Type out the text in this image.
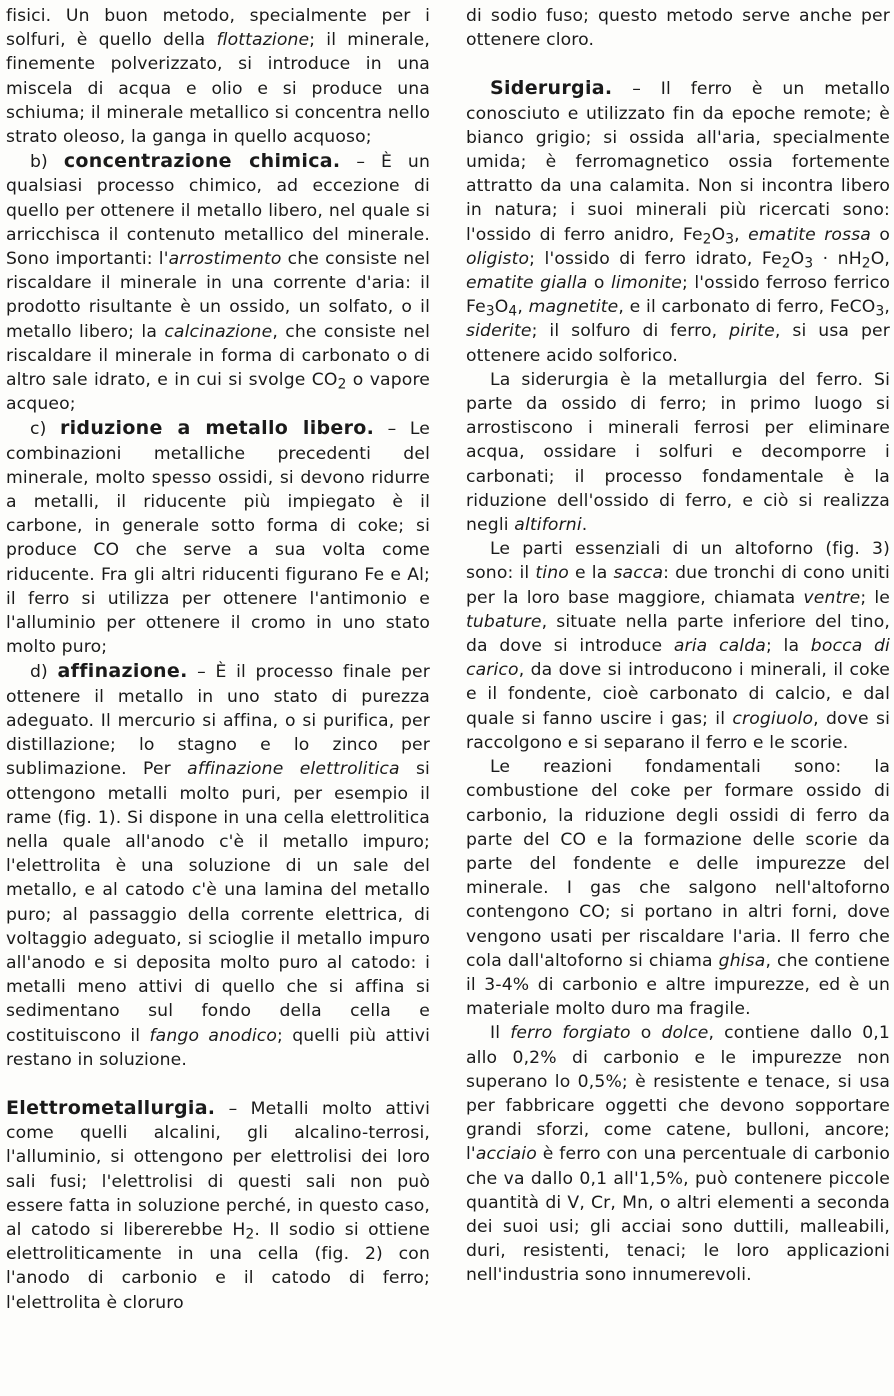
fisici. Un buon metodo, specialmente per i solfuri, è quello della flottazione; il minerale, finemente polverizzato, si introduce in una miscela di acqua e olio e si produce una schiuma; il minerale metallico si concentra nello strato oleoso, la ganga in quello acquoso;

b) concentrazione chimica. – È un qualsiasi processo chimico, ad eccezione di quello per ottenere il metallo libero, nel quale si arricchisca il contenuto metallico del minerale. Sono importanti: l'arrostimento che consiste nel riscaldare il minerale in una corrente d'aria: il prodotto risultante è un ossido, un solfato, o il metallo libero; la calcinazione, che consiste nel riscaldare il minerale in forma di carbonato o di altro sale idrato, e in cui si svolge $CO_2$ o vapore acqueo;

c) riduzione a metallo libero. – Le combinazioni metalliche precedenti del minerale, molto spesso ossidi, si devono ridurre a metalli, il riducente più impiegato è il carbone, in generale sotto forma di coke; si produce CO che serve a sua volta come riducente. Fra gli altri riducenti figurano Fe e Al; il ferro si utilizza per ottenere l'antimonio e l'alluminio per ottenere il cromo in uno stato molto puro;

d) affinazione. – È il processo finale per ottenere il metallo in uno stato di purezza adeguato. Il mercurio si affina, o si purifica, per distillazione; lo stagno e lo zinco per sublimazione. Per affinazione elettrolitica si ottengono metalli molto puri, per esempio il rame (fig. 1). Si dispone in una cella elettrolitica nella quale all'anodo c'è il metallo impuro; l'elettrolita è una soluzione di un sale del metallo, e al catodo c'è una lamina del metallo puro; al passaggio della corrente elettrica, di voltaggio adeguato, si scioglie il metallo impuro all'anodo e si deposita molto puro al catodo: i metalli meno attivi di quello che si affina si sedimentano sul fondo della cella e costituiscono il fango anodico; quelli più attivi restano in soluzione.

Elettrometallurgia. – Metalli molto attivi come quelli alcalini, gli alcalino-terrosi, l'alluminio, si ottengono per elettrolisi dei loro sali fusi; l'elettrolisi di questi sali non può essere fatta in soluzione perché, in questo caso, al catodo si libererebbe $H_2$. Il sodio si ottiene elettroliticamente in una cella (fig. 2) con l'anodo di carbonio e il catodo di ferro; l'elettrolita è cloruro

di sodio fuso; questo metodo serve anche per ottenere cloro.

Siderurgia. – Il ferro è un metallo conosciuto e utilizzato fin da epoche remote; è bianco grigio; si ossida all'aria, specialmente umida; è ferromagnetico ossia fortemente attratto da una calamita. Non si incontra libero in natura; i suoi minerali più ricercati sono: l'ossido di ferro anidro, $Fe_2O_3$, ematite rossa o oligisto; l'ossido di ferro idrato, $Fe_2O_3 \cdot nH_2O$, ematite gialla o limonite; l'ossido ferroso ferrico $Fe_3O_4$, magnetite, e il carbonato di ferro, FeCO$_3$, siderite; il solfuro di ferro, pirite, si usa per ottenere acido solforico.

La siderurgia è la metallurgia del ferro. Si parte da ossido di ferro; in primo luogo si arrostiscono i minerali ferrosi per eliminare acqua, ossidare i solfuri e decomporre i carbonati; il processo fondamentale è la riduzione dell'ossido di ferro, e ciò si realizza negli altiforni.

Le parti essenziali di un altoforno (fig. 3) sono: il tino e la sacca: due tronchi di cono uniti per la loro base maggiore, chiamata ventre; le tubature, situate nella parte inferiore del tino, da dove si introduce aria calda; la bocca di carico, da dove si introducono i minerali, il coke e il fondente, cioè carbonato di calcio, e dal quale si fanno uscire i gas; il crogiuolo, dove si raccolgono e si separano il ferro e le scorie.

Le reazioni fondamentali sono: la combustione del coke per formare ossido di carbonio, la riduzione degli ossidi di ferro da parte del CO e la formazione delle scorie da parte del fondente e delle impurezze del minerale. I gas che salgono nell'altoforno contengono CO; si portano in altri forni, dove vengono usati per riscaldare l'aria. Il ferro che cola dall'altoforno si chiama ghisa, che contiene il 3-4% di carbonio e altre impurezze, ed è un materiale molto duro ma fragile.

Il ferro forgiato o dolce, contiene dallo 0,1 allo 0,2% di carbonio e le impurezze non superano lo 0,5%; è resistente e tenace, si usa per fabbricare oggetti che devono sopportare grandi sforzi, come catene, bulloni, ancore; l'acciaio è ferro con una percentuale di carbonio che va dallo 0,1 all'1,5%, può contenere piccole quantità di V, Cr, Mn, o altri elementi a seconda dei suoi usi; gli acciai sono duttili, malleabili, duri, resistenti, tenaci; le loro applicazioni nell'industria sono innumerevoli.
